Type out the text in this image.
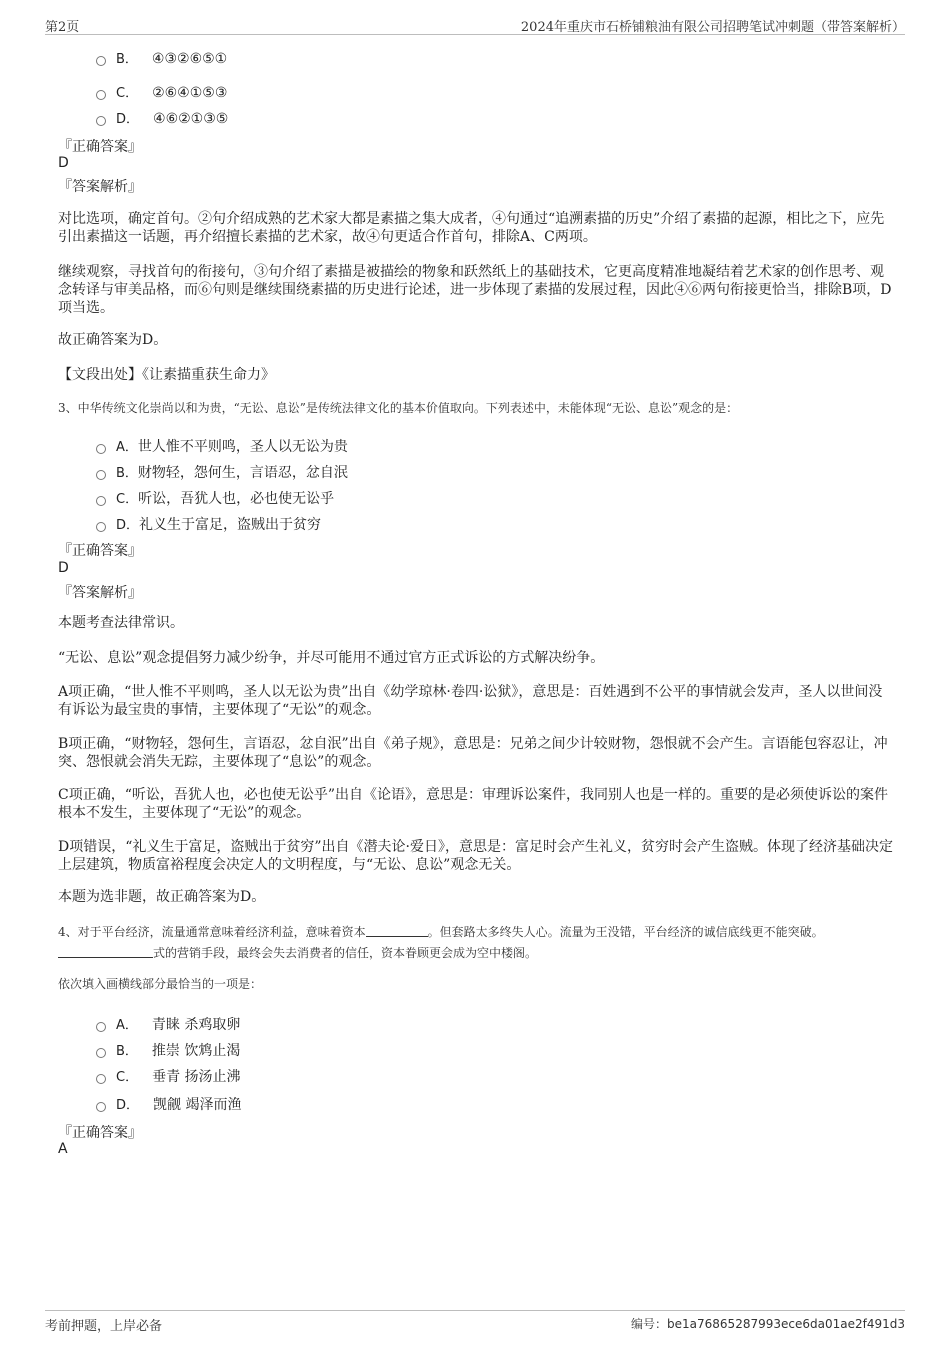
第2页	2024年重庆市石桥铺粮油有限公司招聘笔试冲刺题（带答案解析）
B． ④③②⑥⑤①
C． ②⑥④①⑤③
D． ④⑥②①③⑤
『正确答案』
D
『答案解析』
对比选项，确定首句。②句介绍成熟的艺术家大都是素描之集大成者，④句通过“追溯素描的历史”介绍了素描的起源，相比之下，应先引出素描这一话题，再介绍擅长素描的艺术家，故④句更适合作首句，排除A、C两项。
继续观察，寻找首句的衔接句，③句介绍了素描是被描绘的物象和跃然纸上的基础技术，它更高度精准地凝结着艺术家的创作思考、观念转译与审美品格，而⑥句则是继续围绕素描的历史进行论述，进一步体现了素描的发展过程，因此④⑥两句衔接更恰当，排除B项，D项当选。
故正确答案为D。
【文段出处】《让素描重获生命力》
3、中华传统文化崇尚以和为贵，“无讼、息讼”是传统法律文化的基本价值取向。下列表述中，未能体现“无讼、息讼”观念的是：
A．世人惟不平则鸣，圣人以无讼为贵
B．财物轻，怨何生，言语忍，忿自泯
C．听讼，吾犹人也，必也使无讼乎
D．礼义生于富足，盗贼出于贫穷
『正确答案』
D
『答案解析』
本题考查法律常识。
“无讼、息讼”观念提倡努力减少纷争，并尽可能用不通过官方正式诉讼的方式解决纷争。
A项正确，“世人惟不平则鸣，圣人以无讼为贵”出自《幼学琼林·卷四·讼狱》，意思是：百姓遇到不公平的事情就会发声，圣人以世间没有诉讼为最宝贵的事情，主要体现了“无讼”的观念。
B项正确，“财物轻，怨何生，言语忍，忿自泯”出自《弟子规》，意思是：兄弟之间少计较财物，怨恨就不会产生。言语能包容忍让，冲突、怨恨就会消失无踪，主要体现了“息讼”的观念。
C项正确，“听讼，吾犹人也，必也使无讼乎”出自《论语》，意思是：审理诉讼案件，我同别人也是一样的。重要的是必须使诉讼的案件根本不发生，主要体现了“无讼”的观念。
D项错误，“礼义生于富足，盗贼出于贫穷”出自《潜夫论·爱日》，意思是：富足时会产生礼义，贫穷时会产生盗贼。体现了经济基础决定上层建筑，物质富裕程度会决定人的文明程度，与“无讼、息讼”观念无关。
本题为选非题，故正确答案为D。
4、对于平台经济，流量通常意味着经济利益，意味着资本	。但套路太多终失人心。流量为王没错，平台经济的诚信底线更不能突破。式的营销手段，最终会失去消费者的信任，资本眷顾更会成为空中楼阁。
依次填入画横线部分最恰当的一项是：
A． 青睐 杀鸡取卵
B． 推崇 饮鸩止渴
C． 垂青 扬汤止沸
D． 觊觎 竭泽而渔
『正确答案』
A
考前押题，上岸必备	编号：be1a76865287993ece6da01ae2f491d3
